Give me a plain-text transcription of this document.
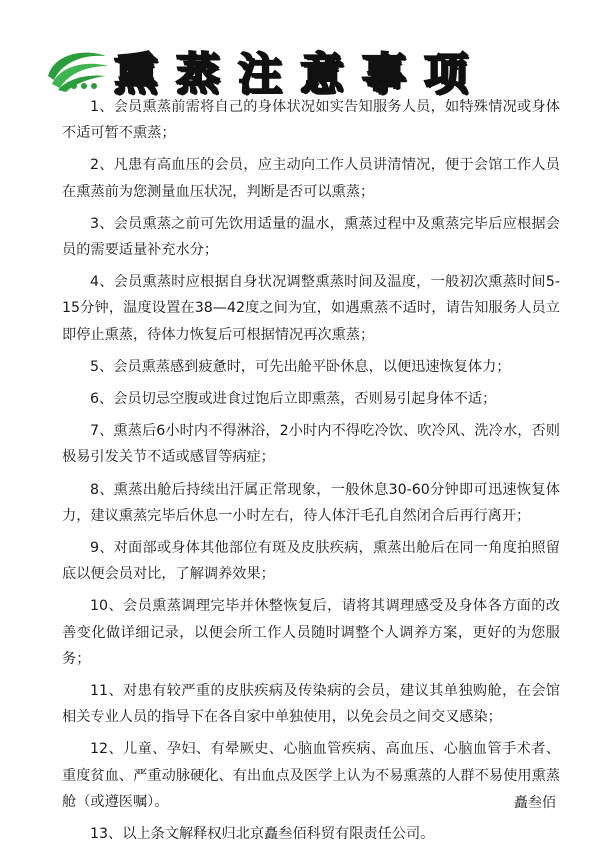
熏蒸注意事项

1、会员熏蒸前需将自己的身体状况如实告知服务人员，如特殊情况或身体不适可暂不熏蒸；

2、凡患有高血压的会员，应主动向工作人员讲清情况，便于会馆工作人员在熏蒸前为您测量血压状况，判断是否可以熏蒸；

3、会员熏蒸之前可先饮用适量的温水，熏蒸过程中及熏蒸完毕后应根据会员的需要适量补充水分；

4、会员熏蒸时应根据自身状况调整熏蒸时间及温度，一般初次熏蒸时间5-15分钟，温度设置在38—42度之间为宜，如遇熏蒸不适时，请告知服务人员立即停止熏蒸，待体力恢复后可根据情况再次熏蒸；

5、会员熏蒸感到疲惫时，可先出舱平卧休息，以便迅速恢复体力；

6、会员切忌空腹或进食过饱后立即熏蒸，否则易引起身体不适；

7、熏蒸后6小时内不得淋浴，2小时内不得吃冷饮、吹冷风、洗冷水，否则极易引发关节不适或感冒等病症；

8、熏蒸出舱后持续出汗属正常现象，一般休息30-60分钟即可迅速恢复体力，建议熏蒸完毕后休息一小时左右，待人体汗毛孔自然闭合后再行离开；

9、对面部或身体其他部位有斑及皮肤疾病，熏蒸出舱后在同一角度拍照留底以便会员对比，了解调养效果；

10、会员熏蒸调理完毕并休整恢复后，请将其调理感受及身体各方面的改善变化做详细记录，以便会所工作人员随时调整个人调养方案，更好的为您服务；

11、对患有较严重的皮肤疾病及传染病的会员，建议其单独购舱，在会馆相关专业人员的指导下在各自家中单独使用，以免会员之间交叉感染；

12、儿童、孕妇、有晕厥史、心脑血管疾病、高血压、心脑血管手术者、重度贫血、严重动脉硬化、有出血点及医学上认为不易熏蒸的人群不易使用熏蒸舱（或遵医嘱）。

13、以上条文解释权归北京矗叁佰科贸有限责任公司。

矗叁佰
